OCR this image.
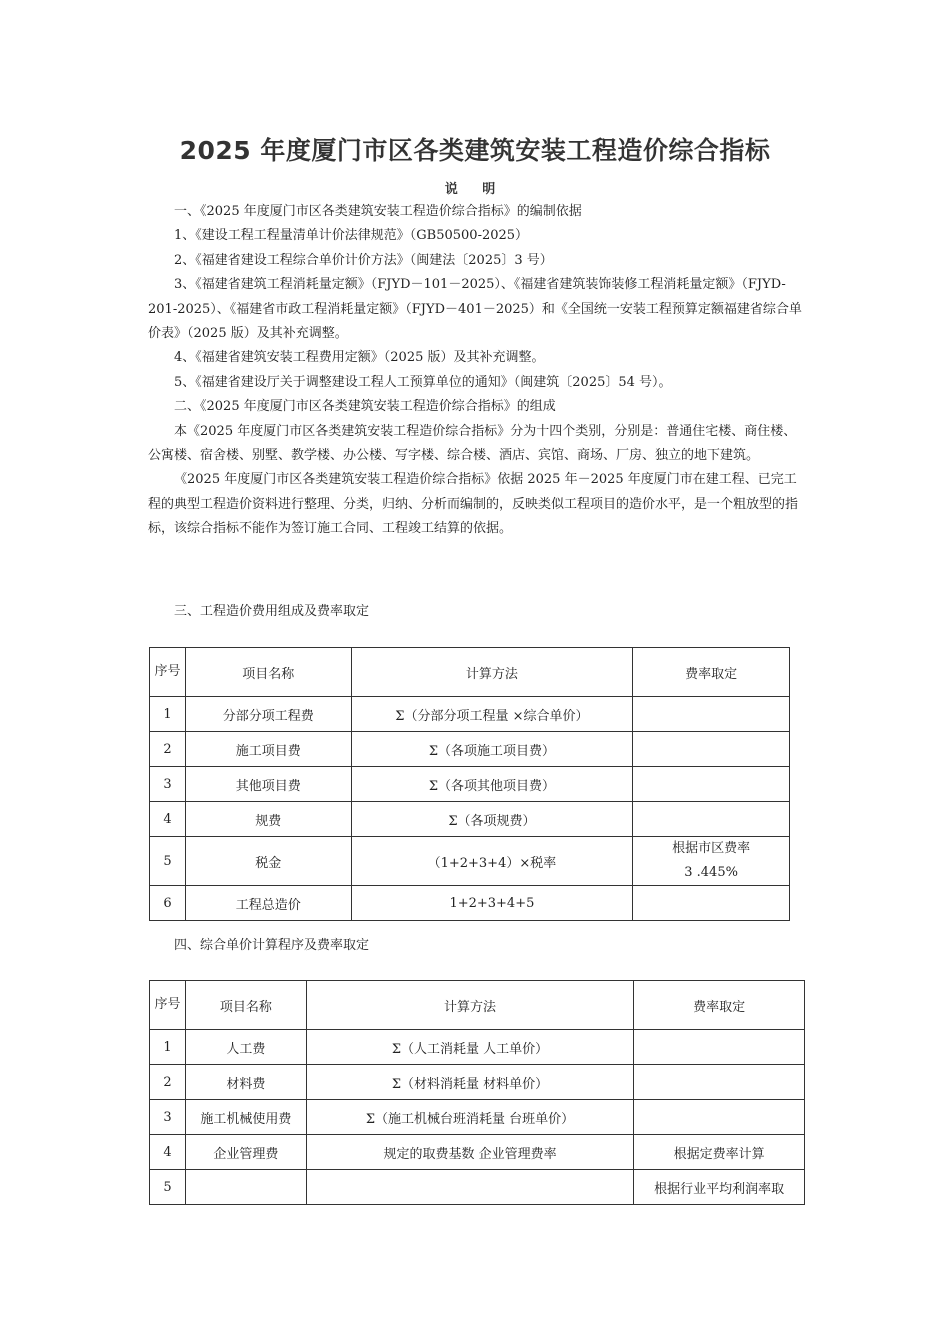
2025 年度厦门市区各类建筑安装工程造价综合指标
说 明

一、《2025 年度厦门市区各类建筑安装工程造价综合指标》的编制依据

1、《建设工程工程量清单计价法律规范》（GB50500-2025）

2、《福建省建设工程综合单价计价方法》（闽建法〔2025〕3 号）

3、《福建省建筑工程消耗量定额》（FJYD－101－2025）、《福建省建筑装饰装修工程消耗量定额》（FJYD-201-2025）、《福建省市政工程消耗量定额》（FJYD－401－2025）和《全国统一安装工程预算定额福建省综合单价表》（2025 版）及其补充调整。

4、《福建省建筑安装工程费用定额》（2025 版）及其补充调整。

5、《福建省建设厅关于调整建设工程人工预算单位的通知》（闽建筑〔2025〕54 号）。

二、《2025 年度厦门市区各类建筑安装工程造价综合指标》的组成

本《2025 年度厦门市区各类建筑安装工程造价综合指标》分为十四个类别，分别是：普通住宅楼、商住楼、公寓楼、宿舍楼、别墅、教学楼、办公楼、写字楼、综合楼、酒店、宾馆、商场、厂房、独立的地下建筑。

《2025 年度厦门市区各类建筑安装工程造价综合指标》依据 2025 年－2025 年度厦门市在建工程、已完工程的典型工程造价资料进行整理、分类，归纳、分析而编制的，反映类似工程项目的造价水平，是一个粗放型的指标，该综合指标不能作为签订施工合同、工程竣工结算的依据。

三、工程造价费用组成及费率取定
序号	项目名称	计算方法	费率取定
1	分部分项工程费	Σ（分部分项工程量 ×综合单价）	
2	施工项目费	Σ（各项施工项目费）	
3	其他项目费	Σ（各项其他项目费）	
4	规费	Σ（各项规费）	
5	税金	（1+2+3+4）×税率	根据市区费率
3 .445%

6	工程总造价	1+2+3+4+5	
四、综合单价计算程序及费率取定
序号	项目名称	计算方法	费率取定
1	人工费	Σ（人工消耗量 人工单价）	
2	材料费	Σ（材料消耗量 材料单价）	
3	施工机械使用费	Σ（施工机械台班消耗量 台班单价）	
4	企业管理费	规定的取费基数 企业管理费率	根据定费率计算
5			根据行业平均利润率取
